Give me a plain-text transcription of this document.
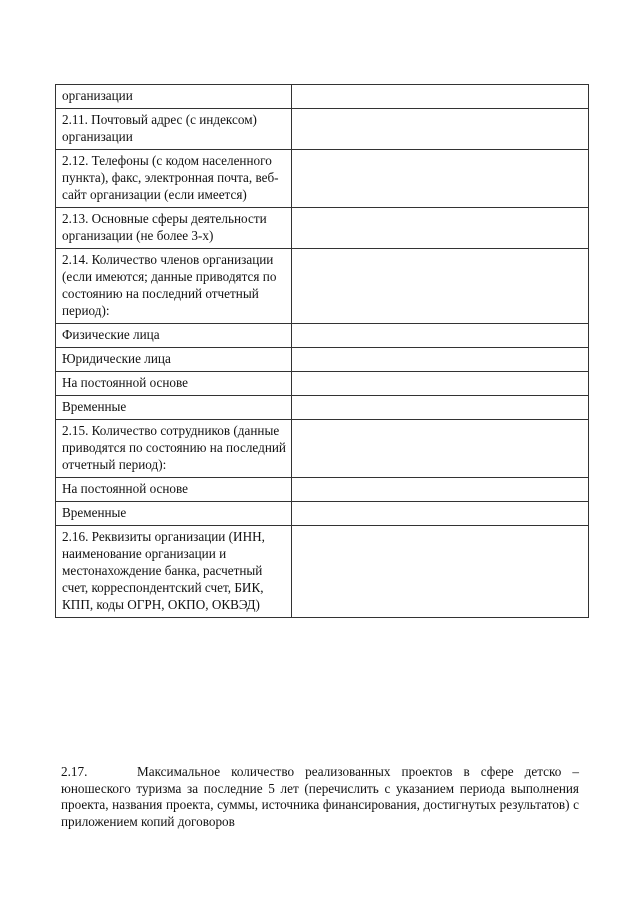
организации	
2.11. Почтовый адрес (с индексом) организации	
2.12. Телефоны (с кодом населенного пункта), факс, электронная почта, веб-сайт организации (если имеется)	
2.13. Основные сферы деятельности организации (не более 3-х)	
2.14. Количество членов организации (если имеются; данные приводятся по состоянию на последний отчетный период):	
Физические лица	
Юридические лица	
На постоянной основе	
Временные	
2.15. Количество сотрудников (данные приводятся по состоянию на последний отчетный период):	
На постоянной основе	
Временные	
2.16. Реквизиты организации (ИНН, наименование организации и местонахождение банка, расчетный счет, корреспондентский счет, БИК, КПП, коды ОГРН, ОКПО, ОКВЭД)	

2.17.	Максимальное количество реализованных проектов в сфере детско – юношеского туризма за последние 5 лет (перечислить с указанием периода выполнения проекта, названия проекта, суммы, источника финансирования, достигнутых результатов) с приложением копий договоров
